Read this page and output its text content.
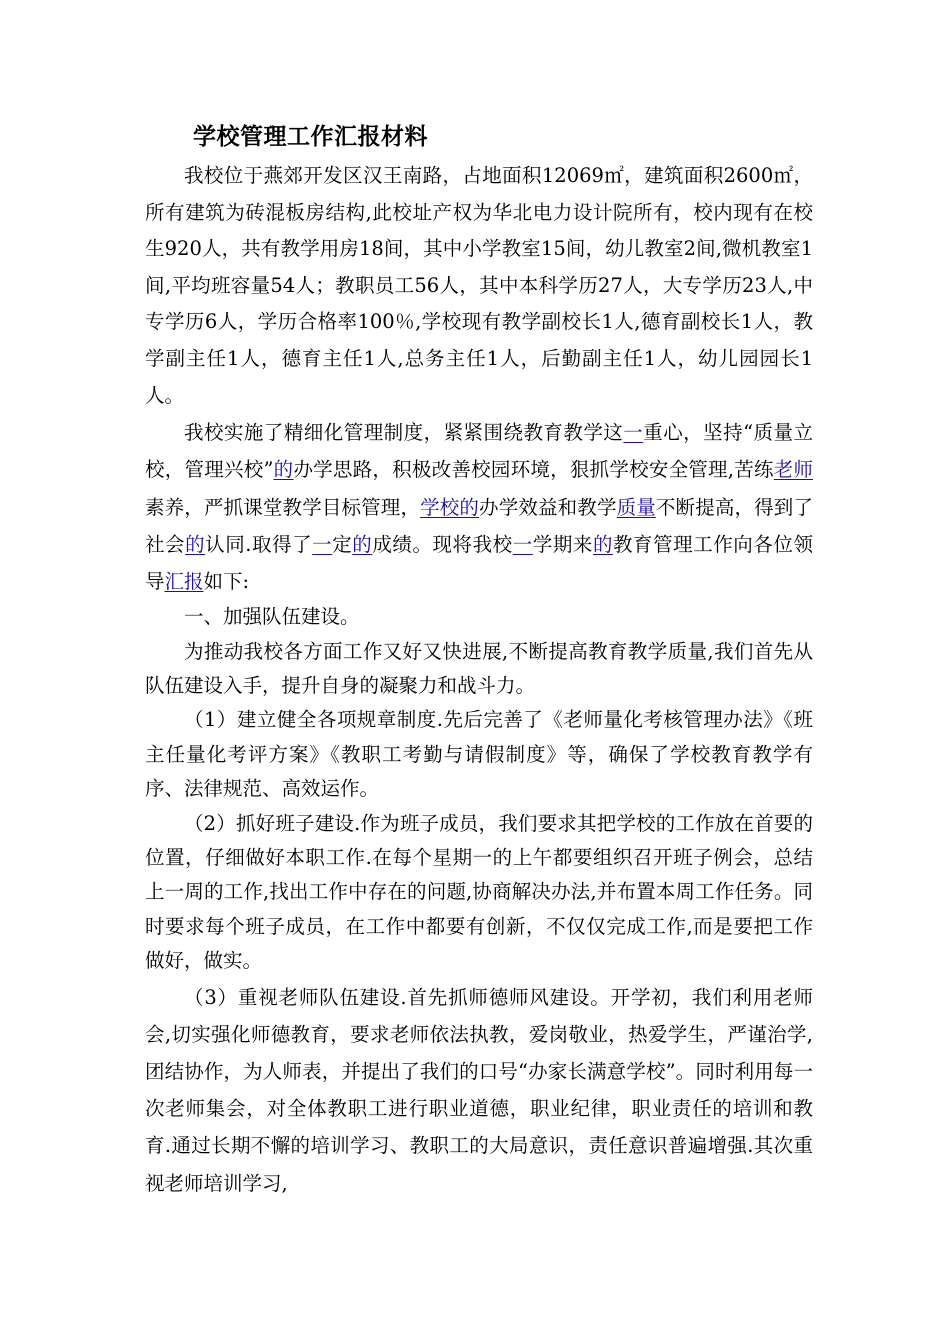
学校管理工作汇报材料

我校位于燕郊开发区汉王南路，占地面积12069㎡，建筑面积2600㎡，所有建筑为砖混板房结构,此校址产权为华北电力设计院所有，校内现有在校生920人，共有教学用房18间，其中小学教室15间，幼儿教室2间,微机教室1间,平均班容量54人；教职员工56人，其中本科学历27人，大专学历23人,中专学历6人，学历合格率100％,学校现有教学副校长1人,德育副校长1人，教学副主任1人，德育主任1人,总务主任1人，后勤副主任1人，幼儿园园长1人。

我校实施了精细化管理制度，紧紧围绕教育教学这一重心，坚持“质量立校，管理兴校”的办学思路，积极改善校园环境，狠抓学校安全管理,苦练老师素养，严抓课堂教学目标管理，学校的办学效益和教学质量不断提高，得到了社会的认同.取得了一定的成绩。现将我校一学期来的教育管理工作向各位领导汇报如下:

一、加强队伍建设。

为推动我校各方面工作又好又快进展,不断提高教育教学质量,我们首先从队伍建设入手，提升自身的凝聚力和战斗力。

（1）建立健全各项规章制度.先后完善了《老师量化考核管理办法》《班主任量化考评方案》《教职工考勤与请假制度》等，确保了学校教育教学有序、法律规范、高效运作。

（2）抓好班子建设.作为班子成员，我们要求其把学校的工作放在首要的位置，仔细做好本职工作.在每个星期一的上午都要组织召开班子例会，总结上一周的工作,找出工作中存在的问题,协商解决办法,并布置本周工作任务。同时要求每个班子成员，在工作中都要有创新，不仅仅完成工作,而是要把工作做好，做实。

（3）重视老师队伍建设.首先抓师德师风建设。开学初，我们利用老师会,切实强化师德教育，要求老师依法执教，爱岗敬业，热爱学生，严谨治学,团结协作，为人师表，并提出了我们的口号“办家长满意学校”。同时利用每一次老师集会，对全体教职工进行职业道德，职业纪律，职业责任的培训和教育.通过长期不懈的培训学习、教职工的大局意识，责任意识普遍增强.其次重视老师培训学习,
